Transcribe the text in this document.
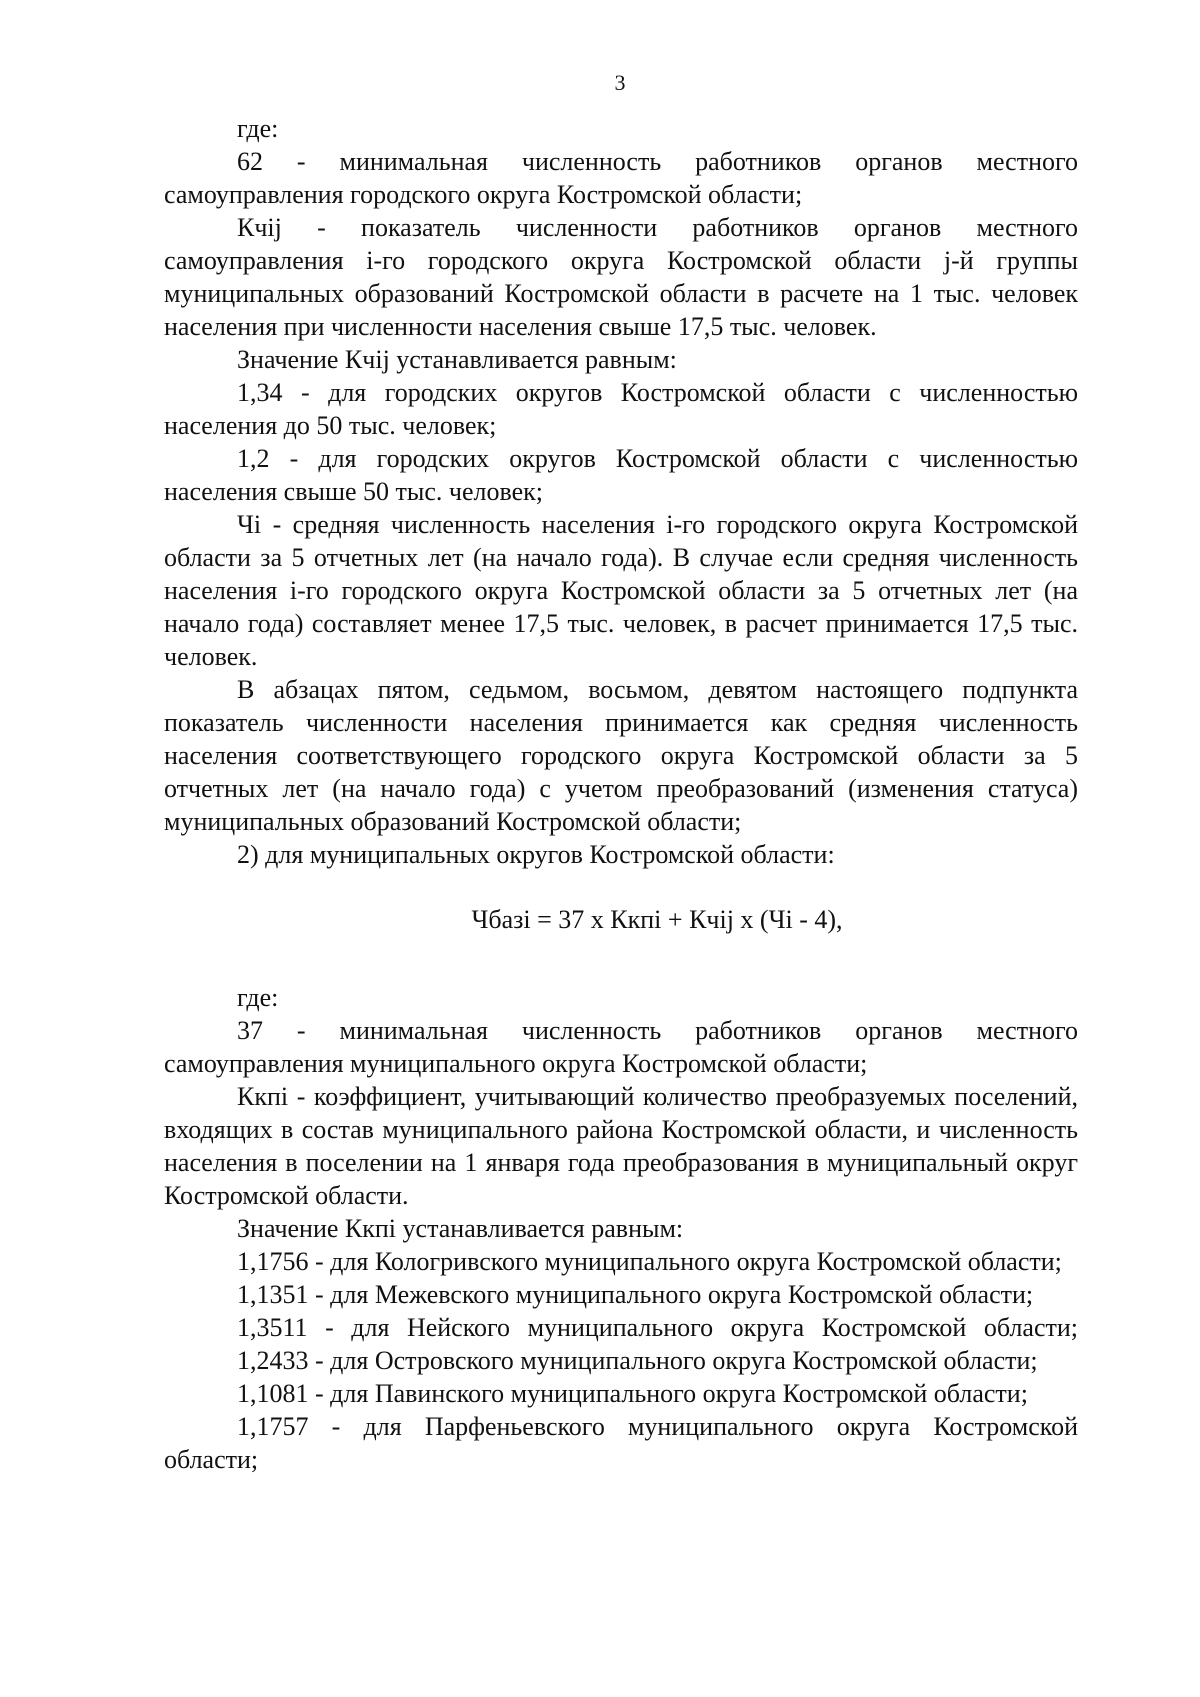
3

где:

62 - минимальная численность работников органов местного самоуправления городского округа Костромской области;

Кчij - показатель численности работников органов местного самоуправления i-го городского округа Костромской области j-й группы муниципальных образований Костромской области в расчете на 1 тыс. человек населения при численности населения свыше 17,5 тыс. человек.

Значение Кчij устанавливается равным:

1,34 - для городских округов Костромской области с численностью населения до 50 тыс. человек;

1,2 - для городских округов Костромской области с численностью населения свыше 50 тыс. человек;

Чi - средняя численность населения i-го городского округа Костромской области за 5 отчетных лет (на начало года). В случае если средняя численность населения i-го городского округа Костромской области за 5 отчетных лет (на начало года) составляет менее 17,5 тыс. человек, в расчет принимается 17,5 тыс. человек.

В абзацах пятом, седьмом, восьмом, девятом настоящего подпункта показатель численности населения принимается как средняя численность населения соответствующего городского округа Костромской области за 5 отчетных лет (на начало года) с учетом преобразований (изменения статуса) муниципальных образований Костромской области;

2) для муниципальных округов Костромской области:

Чбазi = 37 x Ккпi + Кчij x (Чi - 4),

где:

37 - минимальная численность работников органов местного самоуправления муниципального округа Костромской области;

Ккпi - коэффициент, учитывающий количество преобразуемых поселений, входящих в состав муниципального района Костромской области, и численность населения в поселении на 1 января года преобразования в муниципальный округ Костромской области.

Значение Ккпi устанавливается равным:

1,1756 - для Кологривского муниципального округа Костромской области;

1,1351 - для Межевского муниципального округа Костромской области;

1,3511 - для Нейского муниципального округа Костромской области;

1,2433 - для Островского муниципального округа Костромской области;

1,1081 - для Павинского муниципального округа Костромской области;

1,1757 - для Парфеньевского муниципального округа Костромской области;
